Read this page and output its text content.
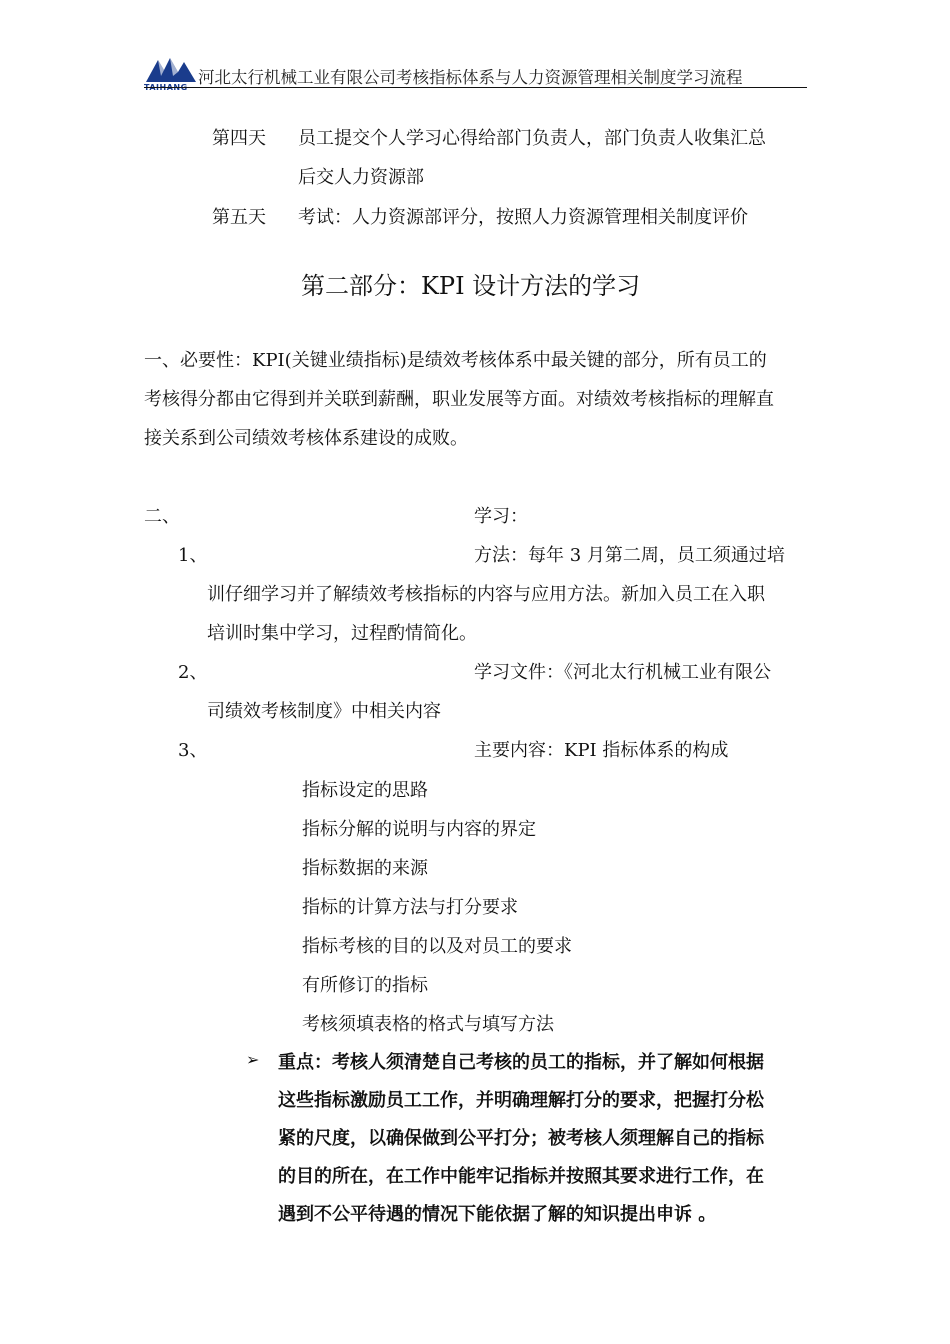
TAIHANG
河北太行机械工业有限公司考核指标体系与人力资源管理相关制度学习流程
第四天 员工提交个人学习心得给部门负责人，部门负责人收集汇总
后交人力资源部
第五天 考试：人力资源部评分，按照人力资源管理相关制度评价
第二部分：KPI 设计方法的学习
一、必要性：KPI(关键业绩指标)是绩效考核体系中最关键的部分，所有员工的
考核得分都由它得到并关联到薪酬，职业发展等方面。对绩效考核指标的理解直
接关系到公司绩效考核体系建设的成败。
二、	学习：
1、	方法：每年 3 月第二周，员工须通过培
训仔细学习并了解绩效考核指标的内容与应用方法。新加入员工在入职
培训时集中学习，过程酌情简化。
2、	学习文件：《河北太行机械工业有限公
司绩效考核制度》中相关内容
3、	主要内容：KPI 指标体系的构成
指标设定的思路
指标分解的说明与内容的界定
指标数据的来源
指标的计算方法与打分要求
指标考核的目的以及对员工的要求
有所修订的指标
考核须填表格的格式与填写方法
➢ 重点：考核人须清楚自己考核的员工的指标，并了解如何根据
这些指标激励员工工作，并明确理解打分的要求，把握打分松
紧的尺度，以确保做到公平打分；被考核人须理解自己的指标
的目的所在，在工作中能牢记指标并按照其要求进行工作，在
遇到不公平待遇的情况下能依据了解的知识提出申诉 。
